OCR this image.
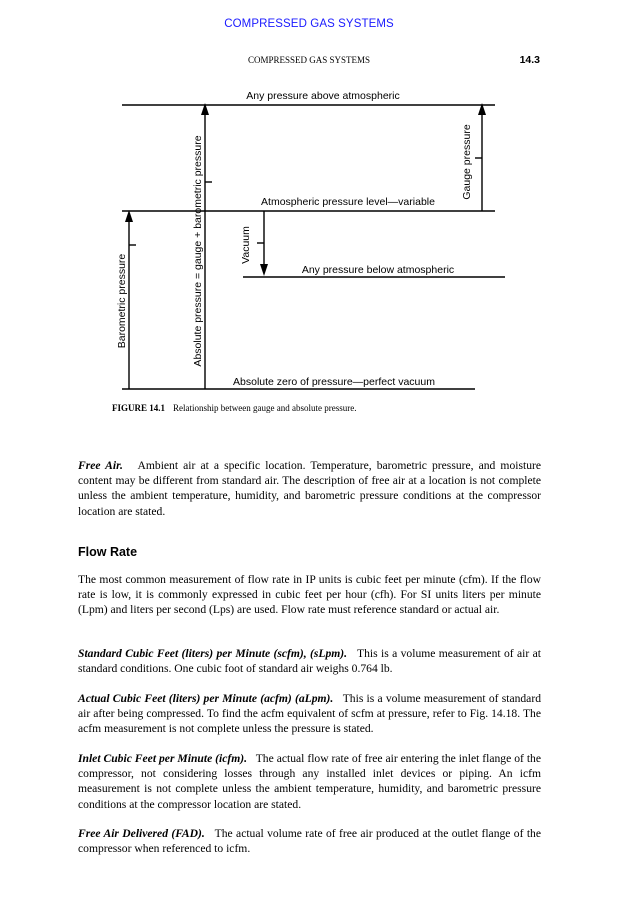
COMPRESSED GAS SYSTEMS
COMPRESSED GAS SYSTEMS	14.3
Any pressure above atmospheric
Atmospheric pressure level—variable
Any pressure below atmospheric
Absolute zero of pressure—perfect vacuum
Gauge pressure
Vacuum
Absolute pressure = gauge + barometric pressure
Barometric pressure
FIGURE 14.1 Relationship between gauge and absolute pressure.

Free Air. Ambient air at a specific location. Temperature, barometric pressure, and moisture content may be different from standard air. The description of free air at a location is not complete unless the ambient temperature, humidity, and barometric pressure conditions at the compressor location are stated.

Flow Rate

The most common measurement of flow rate in IP units is cubic feet per minute (cfm). If the flow rate is low, it is commonly expressed in cubic feet per hour (cfh). For SI units liters per minute (Lpm) and liters per second (Lps) are used. Flow rate must reference standard or actual air.

Standard Cubic Feet (liters) per Minute (scfm), (sLpm). This is a volume measurement of air at standard conditions. One cubic foot of standard air weighs 0.764 lb.

Actual Cubic Feet (liters) per Minute (acfm) (aLpm). This is a volume measurement of standard air after being compressed. To find the acfm equivalent of scfm at pressure, refer to Fig. 14.18. The acfm measurement is not complete unless the pressure is stated.

Inlet Cubic Feet per Minute (icfm). The actual flow rate of free air entering the inlet flange of the compressor, not considering losses through any installed inlet devices or piping. An icfm measurement is not complete unless the ambient temperature, humidity, and barometric pressure conditions at the compressor location are stated.

Free Air Delivered (FAD). The actual volume rate of free air produced at the outlet flange of the compressor when referenced to icfm.
